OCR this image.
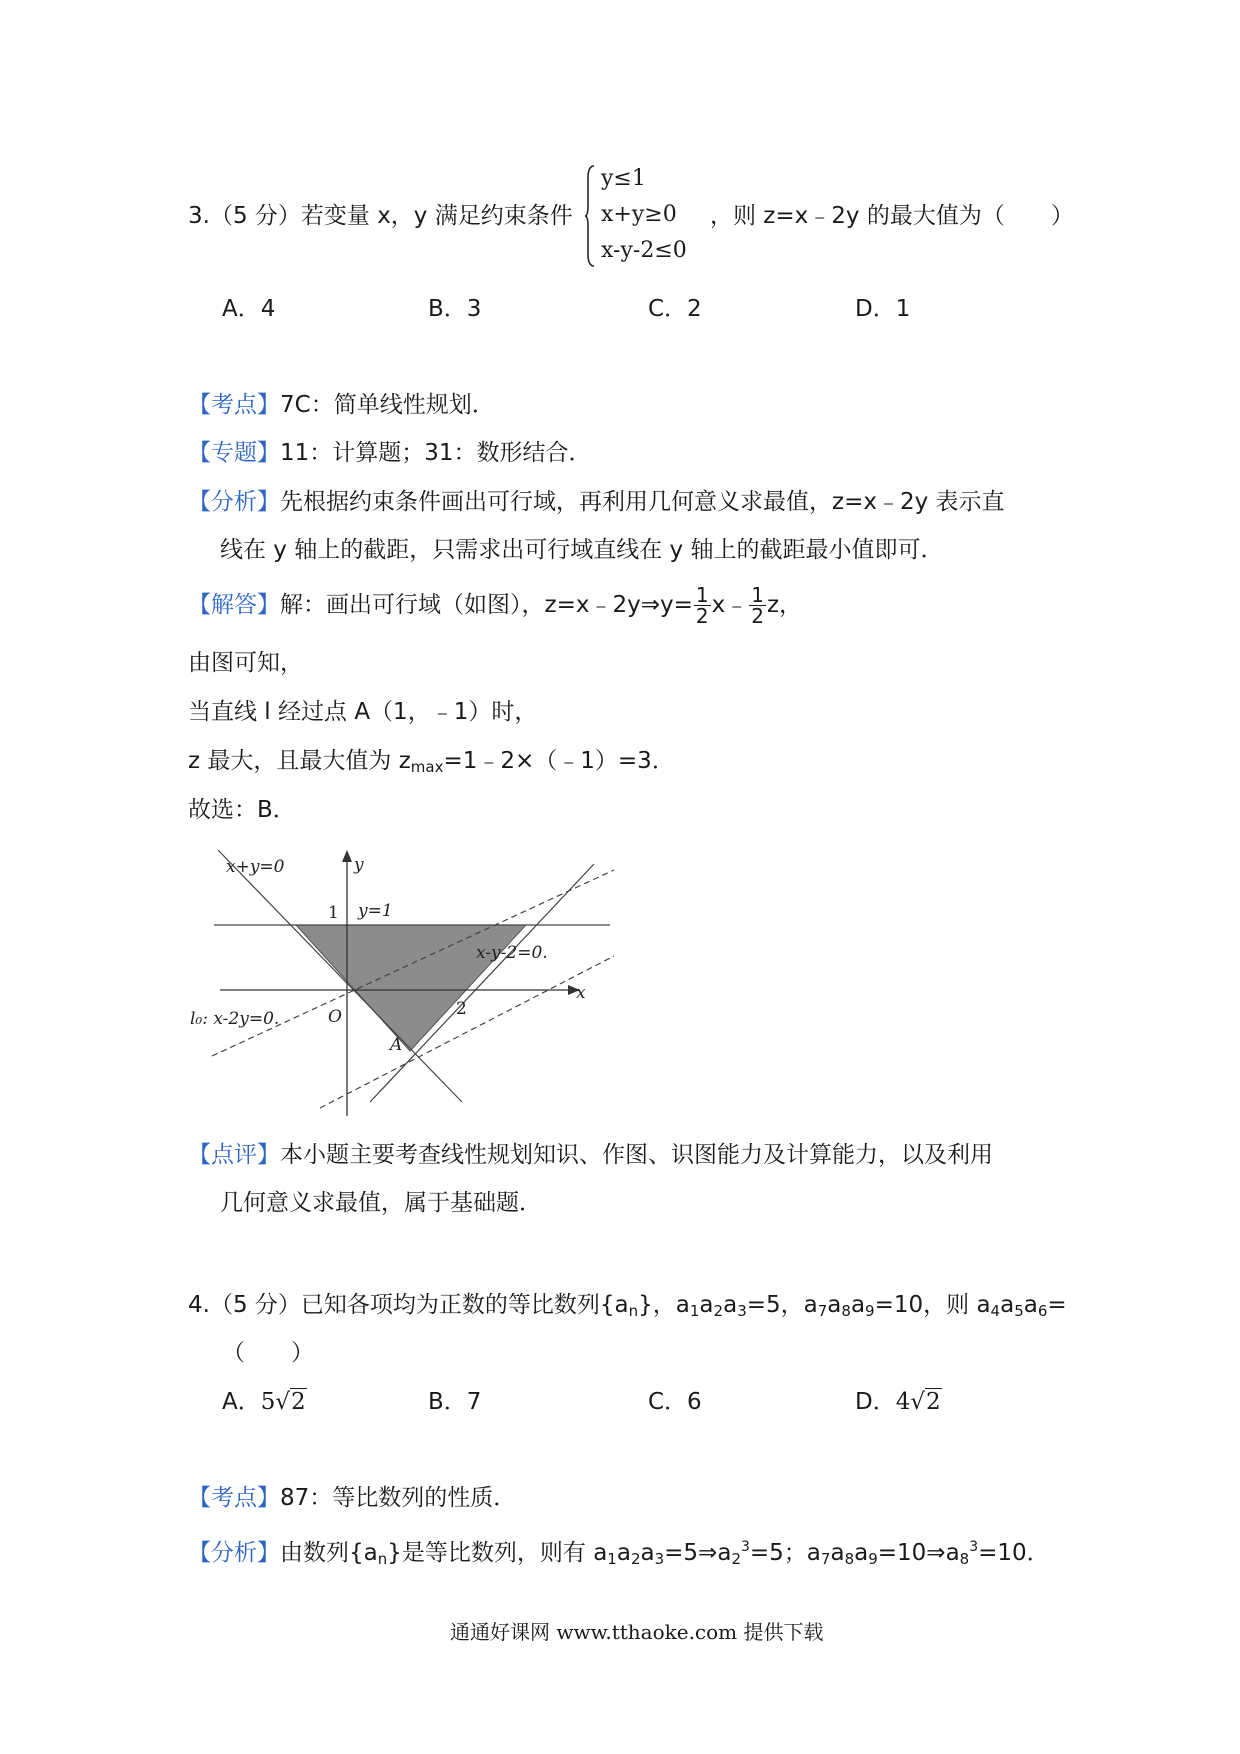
3.（5 分）若变量 x，y 满足约束条件
y≤1
x+y≥0
x-y-2≤0
，则 z=x﹣2y 的最大值为（　　）
A．4	B．3	C．2	D．1
【考点】7C：简单线性规划．
【专题】11：计算题；31：数形结合．
【分析】先根据约束条件画出可行域，再利用几何意义求最值，z=x﹣2y 表示直
线在 y 轴上的截距，只需求出可行域直线在 y 轴上的截距最小值即可．
【解答】解：画出可行域（如图），z=x﹣2y⇒y= $\frac{1}{2}$ x﹣ $\frac{1}{2}$ z，
由图可知，
当直线 l 经过点 A（1，﹣1）时，
z 最大，且最大值为 $z_{max}=1﹣2\times(﹣1)=3$．
故选：B．
x+y=0	y
1 y=1
x-y-2=0.
x
l₀: x-2y=0.	O	2
A
【点评】本小题主要考查线性规划知识、作图、识图能力及计算能力，以及利用
几何意义求最值，属于基础题．
4.（5 分）已知各项均为正数的等比数列$\{a_n\}$，$a_1a_2a_3=5$，$a_7a_8a_9=10$，则 $a_4a_5a_6=$
（　　）
A．5√2	B．7	C．6	D．4√2
【考点】87：等比数列的性质．
【分析】由数列$\{a_n\}$是等比数列，则有 $a_1a_2a_3=5\Rightarrow a_2^3=5$；$a_7a_8a_9=10\Rightarrow a_8^3=10$．
通通好课网 www.tthaoke.com 提供下载
